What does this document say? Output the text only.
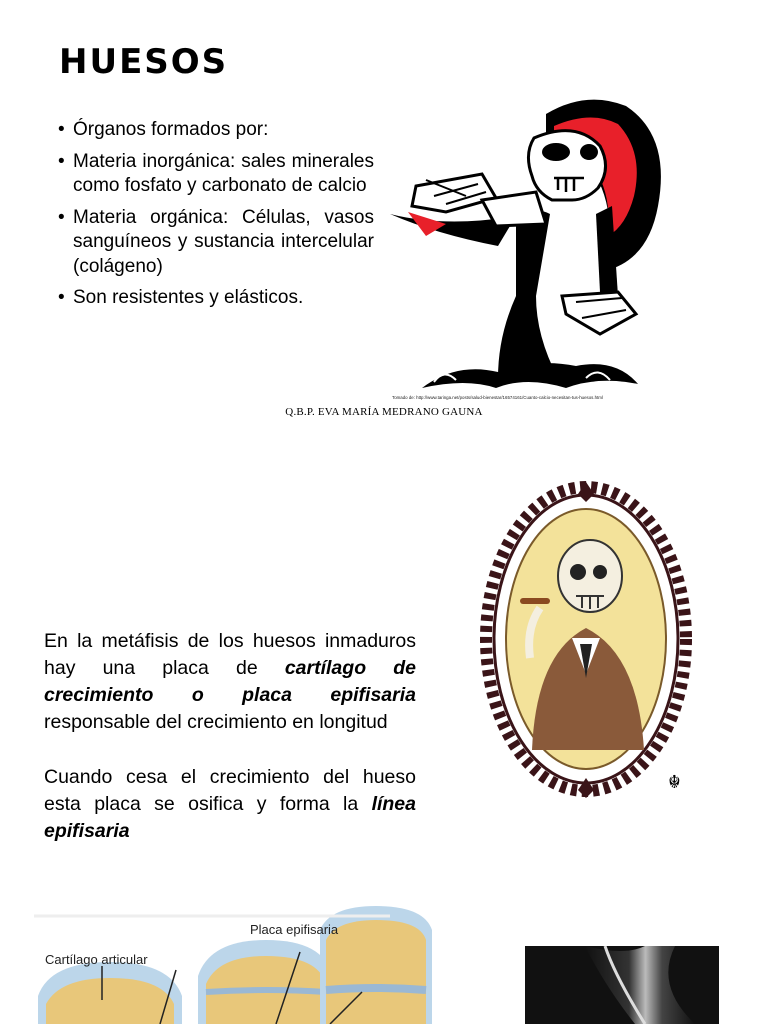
HUESOS
• Órganos formados por:
• Materia inorgánica: sales minerales como fosfato y carbonato de calcio
• Materia orgánica: Células, vasos sanguíneos y sustancia intercelular (colágeno)
• Son resistentes y elásticos.
Tomado de: http://www.taringa.net/posts/salud-bienestar/16574161/Cuanto-calcio-necesitan-tus-huesos.html
Q.B.P. EVA MARÍA MEDRANO GAUNA
En la metáfisis de los huesos inmaduros hay una placa de cartílago de crecimiento o placa epifisaria responsable del crecimiento en longitud
Cuando cesa el crecimiento del hueso esta placa se osifica y forma la línea epifisaria
☬
Placa epifisaria
Cartílago articular
